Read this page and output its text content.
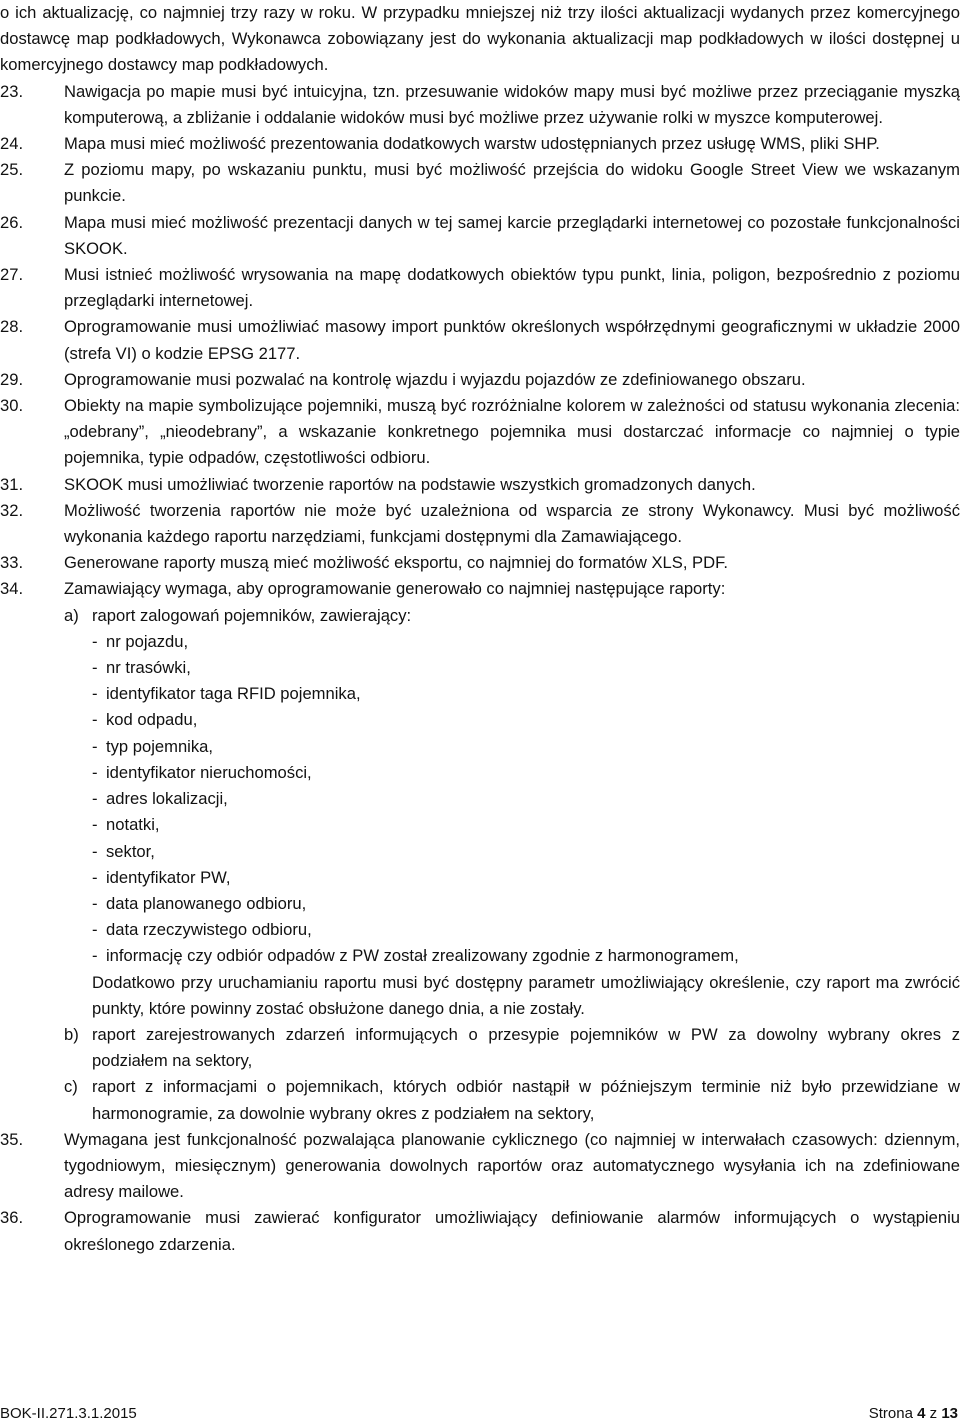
o ich aktualizację, co najmniej trzy razy w roku. W przypadku mniejszej niż trzy ilości aktualizacji wydanych przez komercyjnego dostawcę map podkładowych, Wykonawca zobowiązany jest do wykonania aktualizacji map podkładowych w ilości dostępnej u komercyjnego dostawcy map podkładowych.

23.	Nawigacja po mapie musi być intuicyjna, tzn. przesuwanie widoków mapy musi być możliwe przez przeciąganie myszką komputerową, a zbliżanie i oddalanie widoków musi być możliwe przez używanie rolki w myszce komputerowej.
24.	Mapa musi mieć możliwość prezentowania dodatkowych warstw udostępnianych przez usługę WMS, pliki SHP.
25.	Z poziomu mapy, po wskazaniu punktu, musi być możliwość przejścia do widoku Google Street View we wskazanym punkcie.
26.	Mapa musi mieć możliwość prezentacji danych w tej samej karcie przeglądarki internetowej co pozostałe funkcjonalności SKOOK.
27.	Musi istnieć możliwość wrysowania na mapę dodatkowych obiektów typu punkt, linia, poligon, bezpośrednio z poziomu przeglądarki internetowej.
28.	Oprogramowanie musi umożliwiać masowy import punktów określonych współrzędnymi geograficznymi w układzie 2000 (strefa VI) o kodzie EPSG 2177.
29.	Oprogramowanie musi pozwalać na kontrolę wjazdu i wyjazdu pojazdów ze zdefiniowanego obszaru.
30.	Obiekty na mapie symbolizujące pojemniki, muszą być rozróżnialne kolorem w zależności od statusu wykonania zlecenia: „odebrany”, „nieodebrany”, a wskazanie konkretnego pojemnika musi dostarczać informacje co najmniej o typie pojemnika, typie odpadów, częstotliwości odbioru.
31.	SKOOK musi umożliwiać tworzenie raportów na podstawie wszystkich gromadzonych danych.
32.	Możliwość tworzenia raportów nie może być uzależniona od wsparcia ze strony Wykonawcy. Musi być możliwość wykonania każdego raportu narzędziami, funkcjami dostępnymi dla Zamawiającego.
33.	Generowane raporty muszą mieć możliwość eksportu, co najmniej do formatów XLS, PDF.
34.	Zamawiający wymaga, aby oprogramowanie generowało co najmniej następujące raporty:
a) raport zalogowań pojemników, zawierający:
- nr pojazdu,
- nr trasówki,
- identyfikator taga RFID pojemnika,
- kod odpadu,
- typ pojemnika,
- identyfikator nieruchomości,
- adres lokalizacji,
- notatki,
- sektor,
- identyfikator PW,
- data planowanego odbioru,
- data rzeczywistego odbioru,
- informację czy odbiór odpadów z PW został zrealizowany zgodnie z harmonogramem,

Dodatkowo przy uruchamianiu raportu musi być dostępny parametr umożliwiający określenie, czy raport ma zwrócić punkty, które powinny zostać obsłużone danego dnia, a nie zostały.

b) raport zarejestrowanych zdarzeń informujących o przesypie pojemników w PW za dowolny wybrany okres z podziałem na sektory,
c) raport z informacjami o pojemnikach, których odbiór nastąpił w późniejszym terminie niż było przewidziane w harmonogramie, za dowolnie wybrany okres z podziałem na sektory,
35.	Wymagana jest funkcjonalność pozwalająca planowanie cyklicznego (co najmniej w interwałach czasowych: dziennym, tygodniowym, miesięcznym) generowania dowolnych raportów oraz automatycznego wysyłania ich na zdefiniowane adresy mailowe.
36.	Oprogramowanie musi zawierać konfigurator umożliwiający definiowanie alarmów informujących o wystąpieniu określonego zdarzenia.
BOK-II.271.3.1.2015	Strona 4 z 13
